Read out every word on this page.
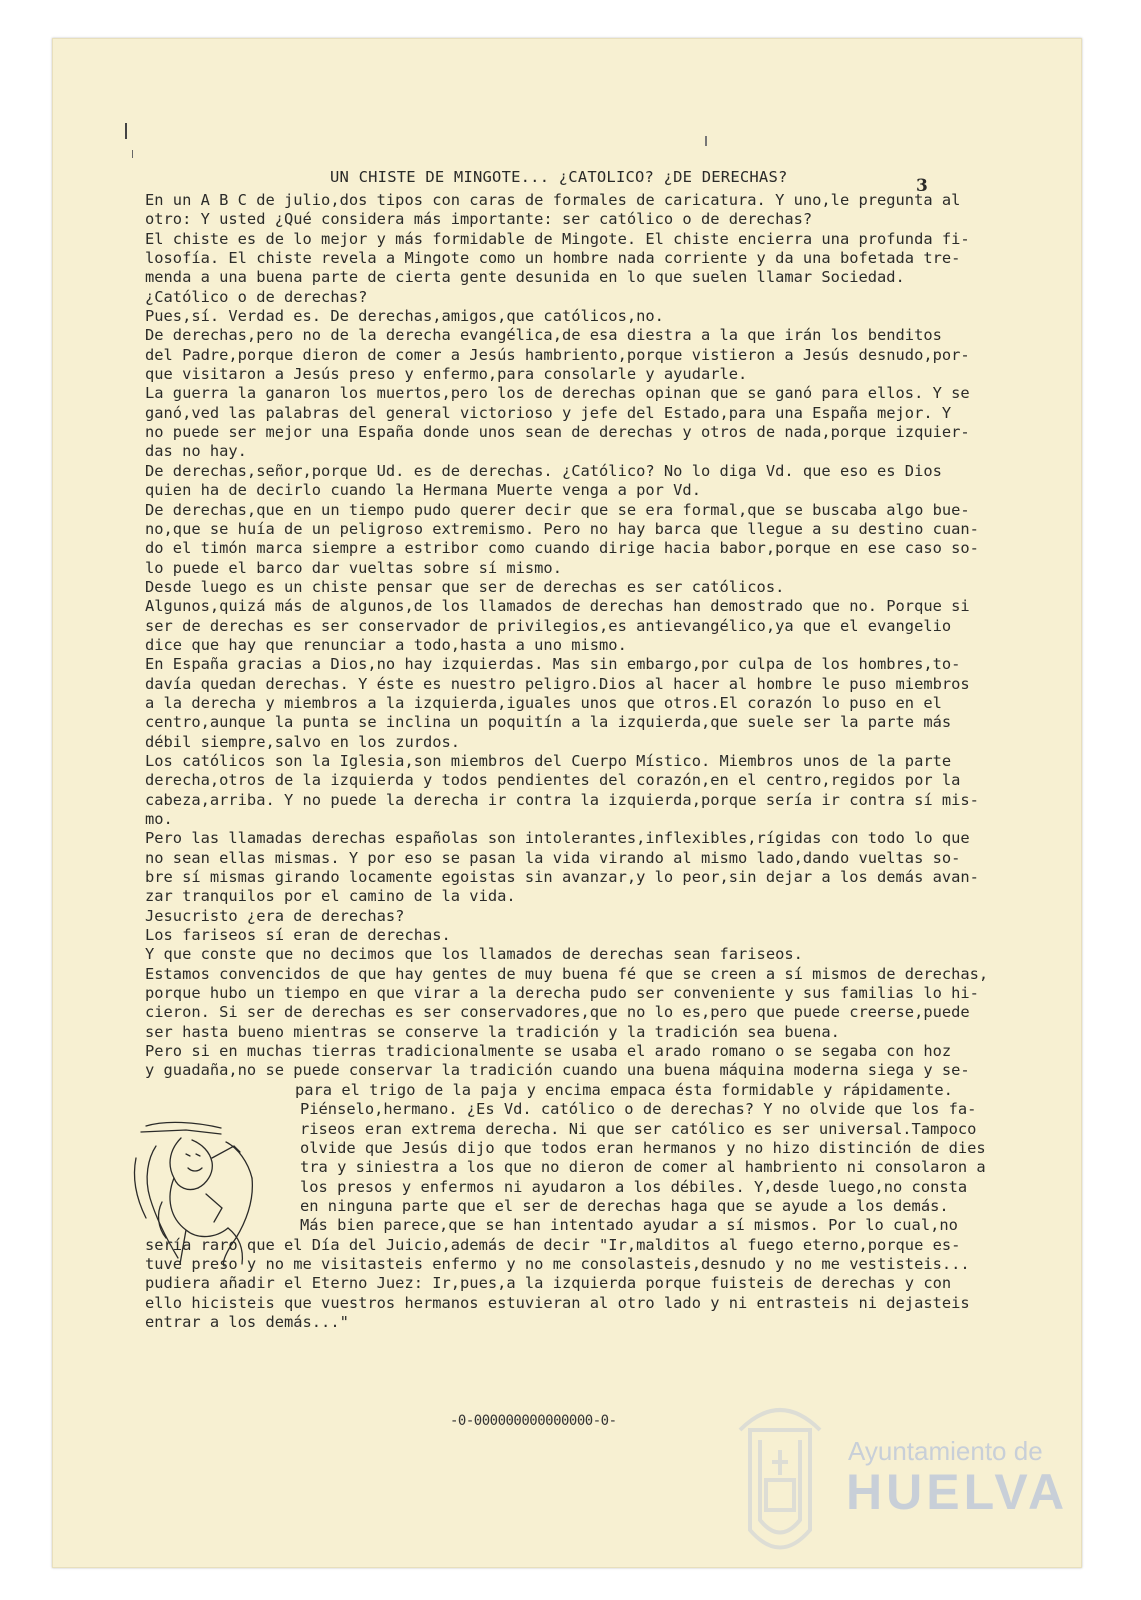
UN CHISTE DE MINGOTE... ¿CATOLICO? ¿DE DERECHAS?	3
En un A B C de julio,dos tipos con caras de formales de caricatura. Y uno,le pregunta al
otro: Y usted ¿Qué considera más importante: ser católico o de derechas?
El chiste es de lo mejor y más formidable de Mingote. El chiste encierra una profunda fi-
losofía. El chiste revela a Mingote como un hombre nada corriente y da una bofetada tre-
menda a una buena parte de cierta gente desunida en lo que suelen llamar Sociedad.
¿Católico o de derechas?
Pues,sí. Verdad es. De derechas,amigos,que católicos,no.
De derechas,pero no de la derecha evangélica,de esa diestra a la que irán los benditos
del Padre,porque dieron de comer a Jesús hambriento,porque vistieron a Jesús desnudo,por-
que visitaron a Jesús preso y enfermo,para consolarle y ayudarle.
La guerra la ganaron los muertos,pero los de derechas opinan que se ganó para ellos. Y se
ganó,ved las palabras del general victorioso y jefe del Estado,para una España mejor. Y
no puede ser mejor una España donde unos sean de derechas y otros de nada,porque izquier-
das no hay.
De derechas,señor,porque Ud. es de derechas. ¿Católico? No lo diga Vd. que eso es Dios
quien ha de decirlo cuando la Hermana Muerte venga a por Vd.
De derechas,que en un tiempo pudo querer decir que se era formal,que se buscaba algo bue-
no,que se huía de un peligroso extremismo. Pero no hay barca que llegue a su destino cuan-
do el timón marca siempre a estribor como cuando dirige hacia babor,porque en ese caso so-
lo puede el barco dar vueltas sobre sí mismo.
Desde luego es un chiste pensar que ser de derechas es ser católicos.
Algunos,quizá más de algunos,de los llamados de derechas han demostrado que no. Porque si
ser de derechas es ser conservador de privilegios,es antievangélico,ya que el evangelio
dice que hay que renunciar a todo,hasta a uno mismo.
En España gracias a Dios,no hay izquierdas. Mas sin embargo,por culpa de los hombres,to-
davía quedan derechas. Y éste es nuestro peligro.Dios al hacer al hombre le puso miembros
a la derecha y miembros a la izquierda,iguales unos que otros.El corazón lo puso en el
centro,aunque la punta se inclina un poquitín a la izquierda,que suele ser la parte más
débil siempre,salvo en los zurdos.
Los católicos son la Iglesia,son miembros del Cuerpo Místico. Miembros unos de la parte
derecha,otros de la izquierda y todos pendientes del corazón,en el centro,regidos por la
cabeza,arriba. Y no puede la derecha ir contra la izquierda,porque sería ir contra sí mis-
mo.
Pero las llamadas derechas españolas son intolerantes,inflexibles,rígidas con todo lo que
no sean ellas mismas. Y por eso se pasan la vida virando al mismo lado,dando vueltas so-
bre sí mismas girando locamente egoistas sin avanzar,y lo peor,sin dejar a los demás avan-
zar tranquilos por el camino de la vida.
Jesucristo ¿era de derechas?
Los fariseos sí eran de derechas.
Y que conste que no decimos que los llamados de derechas sean fariseos.
Estamos convencidos de que hay gentes de muy buena fé que se creen a sí mismos de derechas,
porque hubo un tiempo en que virar a la derecha pudo ser conveniente y sus familias lo hi-
cieron. Si ser de derechas es ser conservadores,que no lo es,pero que puede creerse,puede
ser hasta bueno mientras se conserve la tradición y la tradición sea buena.
Pero si en muchas tierras tradicionalmente se usaba el arado romano o se segaba con hoz
y guadaña,no se puede conservar la tradición cuando una buena máquina moderna siega y se-
para el trigo de la paja y encima empaca ésta formidable y rápidamente.
Piénselo,hermano. ¿Es Vd. católico o de derechas? Y no olvide que los fa-
riseos eran extrema derecha. Ni que ser católico es ser universal.Tampoco
olvide que Jesús dijo que todos eran hermanos y no hizo distinción de dies
tra y siniestra a los que no dieron de comer al hambriento ni consolaron a
los presos y enfermos ni ayudaron a los débiles. Y,desde luego,no consta
en ninguna parte que el ser de derechas haga que se ayude a los demás.
Más bien parece,que se han intentado ayudar a sí mismos. Por lo cual,no
sería raro que el Día del Juicio,además de decir "Ir,malditos al fuego eterno,porque es-
tuve preso y no me visitasteis enfermo y no me consolasteis,desnudo y no me vestisteis...
pudiera añadir el Eterno Juez: Ir,pues,a la izquierda porque fuisteis de derechas y con
ello hicisteis que vuestros hermanos estuvieran al otro lado y ni entrasteis ni dejasteis
entrar a los demás..."
-0-000000000000000-0-
Ayuntamiento de
HUELVA
